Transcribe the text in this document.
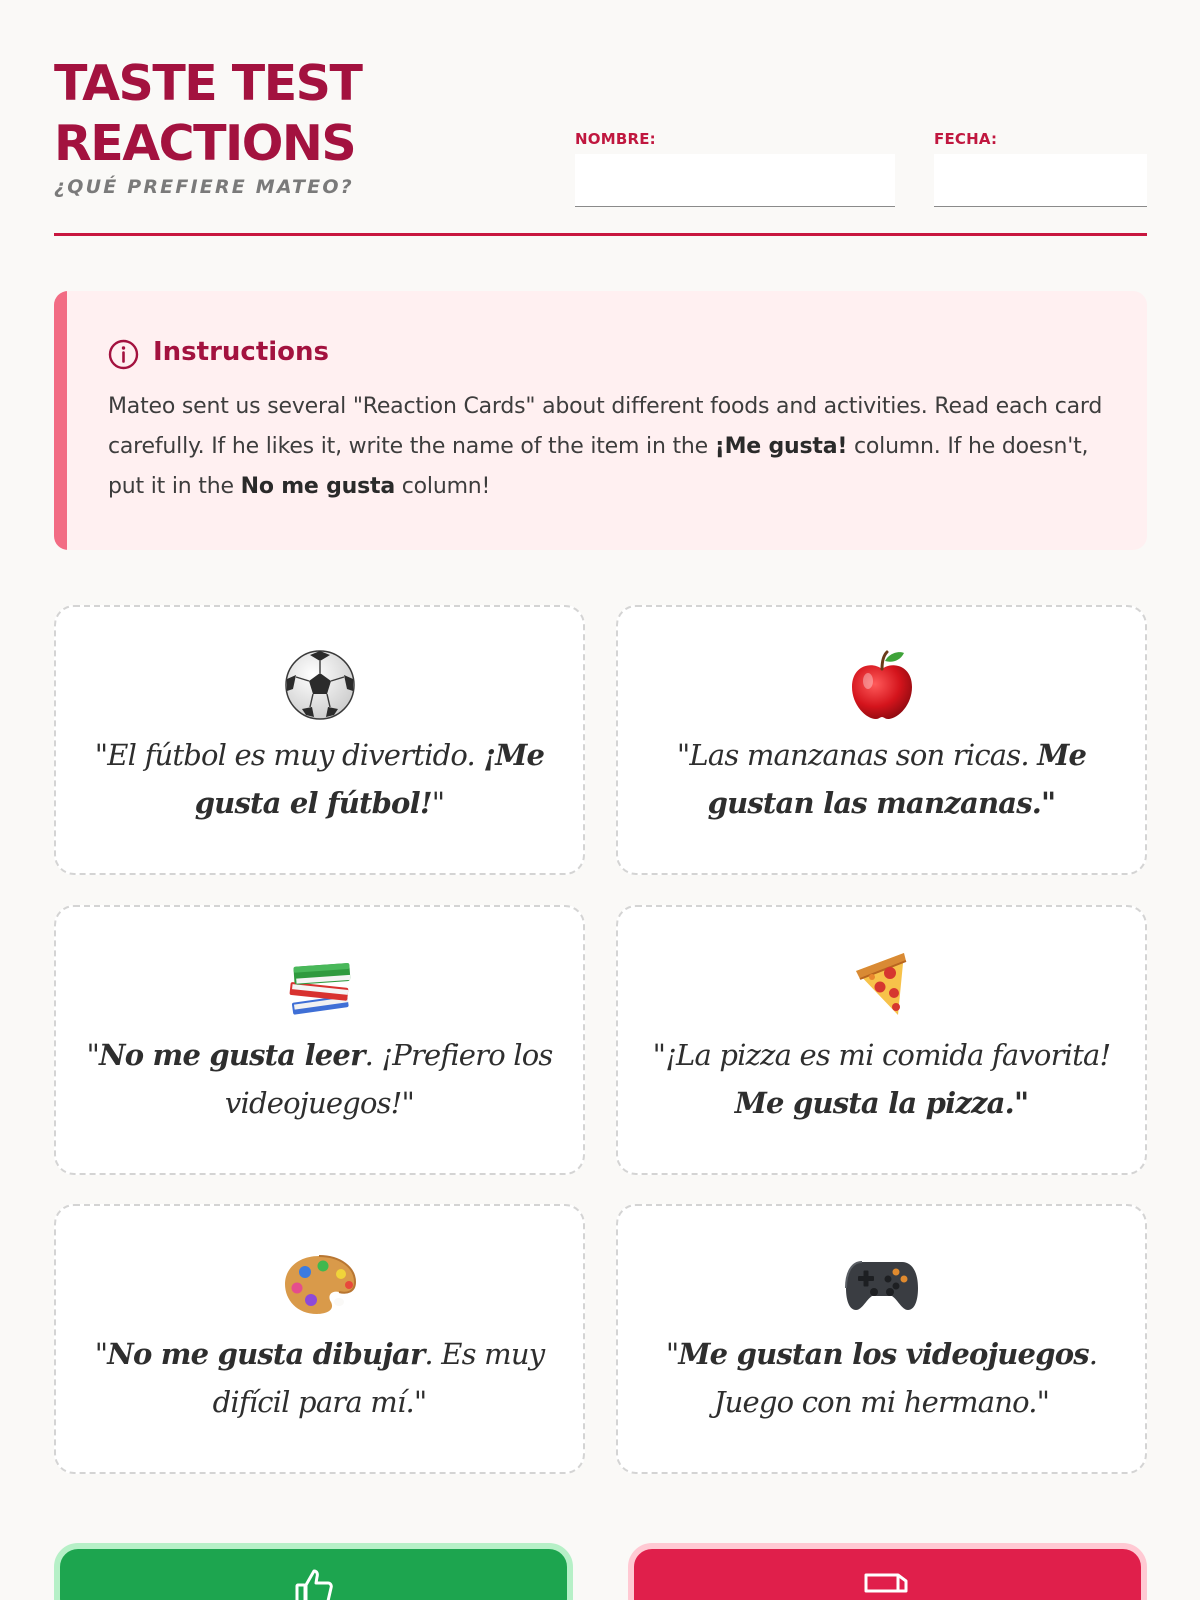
TASTE TEST
REACTIONS
¿QUÉ PREFIERE MATEO?
NOMBRE:	FECHA:
Instructions
Mateo sent us several "Reaction Cards" about different foods and activities. Read each card carefully. If he likes it, write the name of the item in the ¡Me gusta! column. If he doesn't, put it in the No me gusta column!
"El fútbol es muy divertido. ¡Me gusta el fútbol!"
"Las manzanas son ricas. Me gustan las manzanas."
"No me gusta leer. ¡Prefiero los videojuegos!"
"¡La pizza es mi comida favorita! Me gusta la pizza."
"No me gusta dibujar. Es muy difícil para mí."
"Me gustan los videojuegos. Juego con mi hermano."
